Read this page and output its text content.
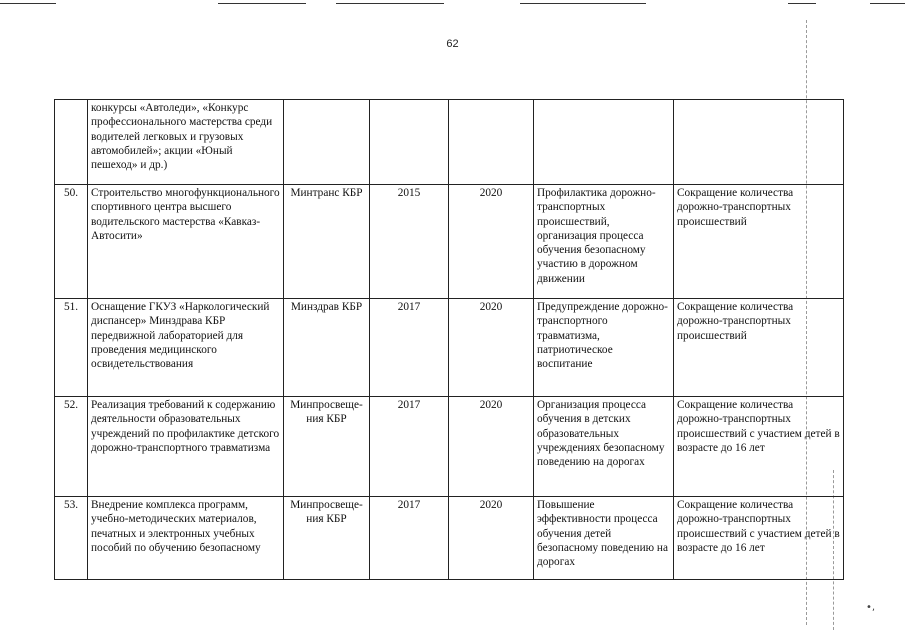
62
	конкурсы «Автоледи», «Конкурс профессионального мастерства среди водителей легковых и грузовых автомобилей»; акции «Юный пешеход» и др.)					
50.	Строительство многофункционального спортивного центра высшего водительского мастерства «Кавказ-Автосити»	Минтранс КБР	2015	2020	Профилактика дорожно-транспортных происшествий, организация процесса обучения безопасному участию в дорожном движении	Сокращение количества дорожно-транспортных происшествий
51.	Оснащение ГКУЗ «Наркологический диспансер» Минздрава КБР передвижной лабораторией для проведения медицинского освидетельствования	Минздрав КБР	2017	2020	Предупреждение дорожно-транспортного травматизма, патриотическое воспитание	Сокращение количества дорожно-транспортных происшествий
52.	Реализация требований к содержанию деятельности образовательных учреждений по профилактике детского дорожно-транспортного травматизма	Минпросвеще-ния КБР	2017	2020	Организация процесса обучения в детских образовательных учреждениях безопасному поведению на дорогах	Сокращение количества дорожно-транспортных происшествий с участием детей в возрасте до 16 лет
53.	Внедрение комплекса программ, учебно-методических материалов, печатных и электронных учебных пособий по обучению безопасному	Минпросвеще-ния КБР	2017	2020	Повышение эффективности процесса обучения детей безопасному поведению на дорогах	Сокращение количества дорожно-транспортных происшествий с участием детей в возрасте до 16 лет
•,
